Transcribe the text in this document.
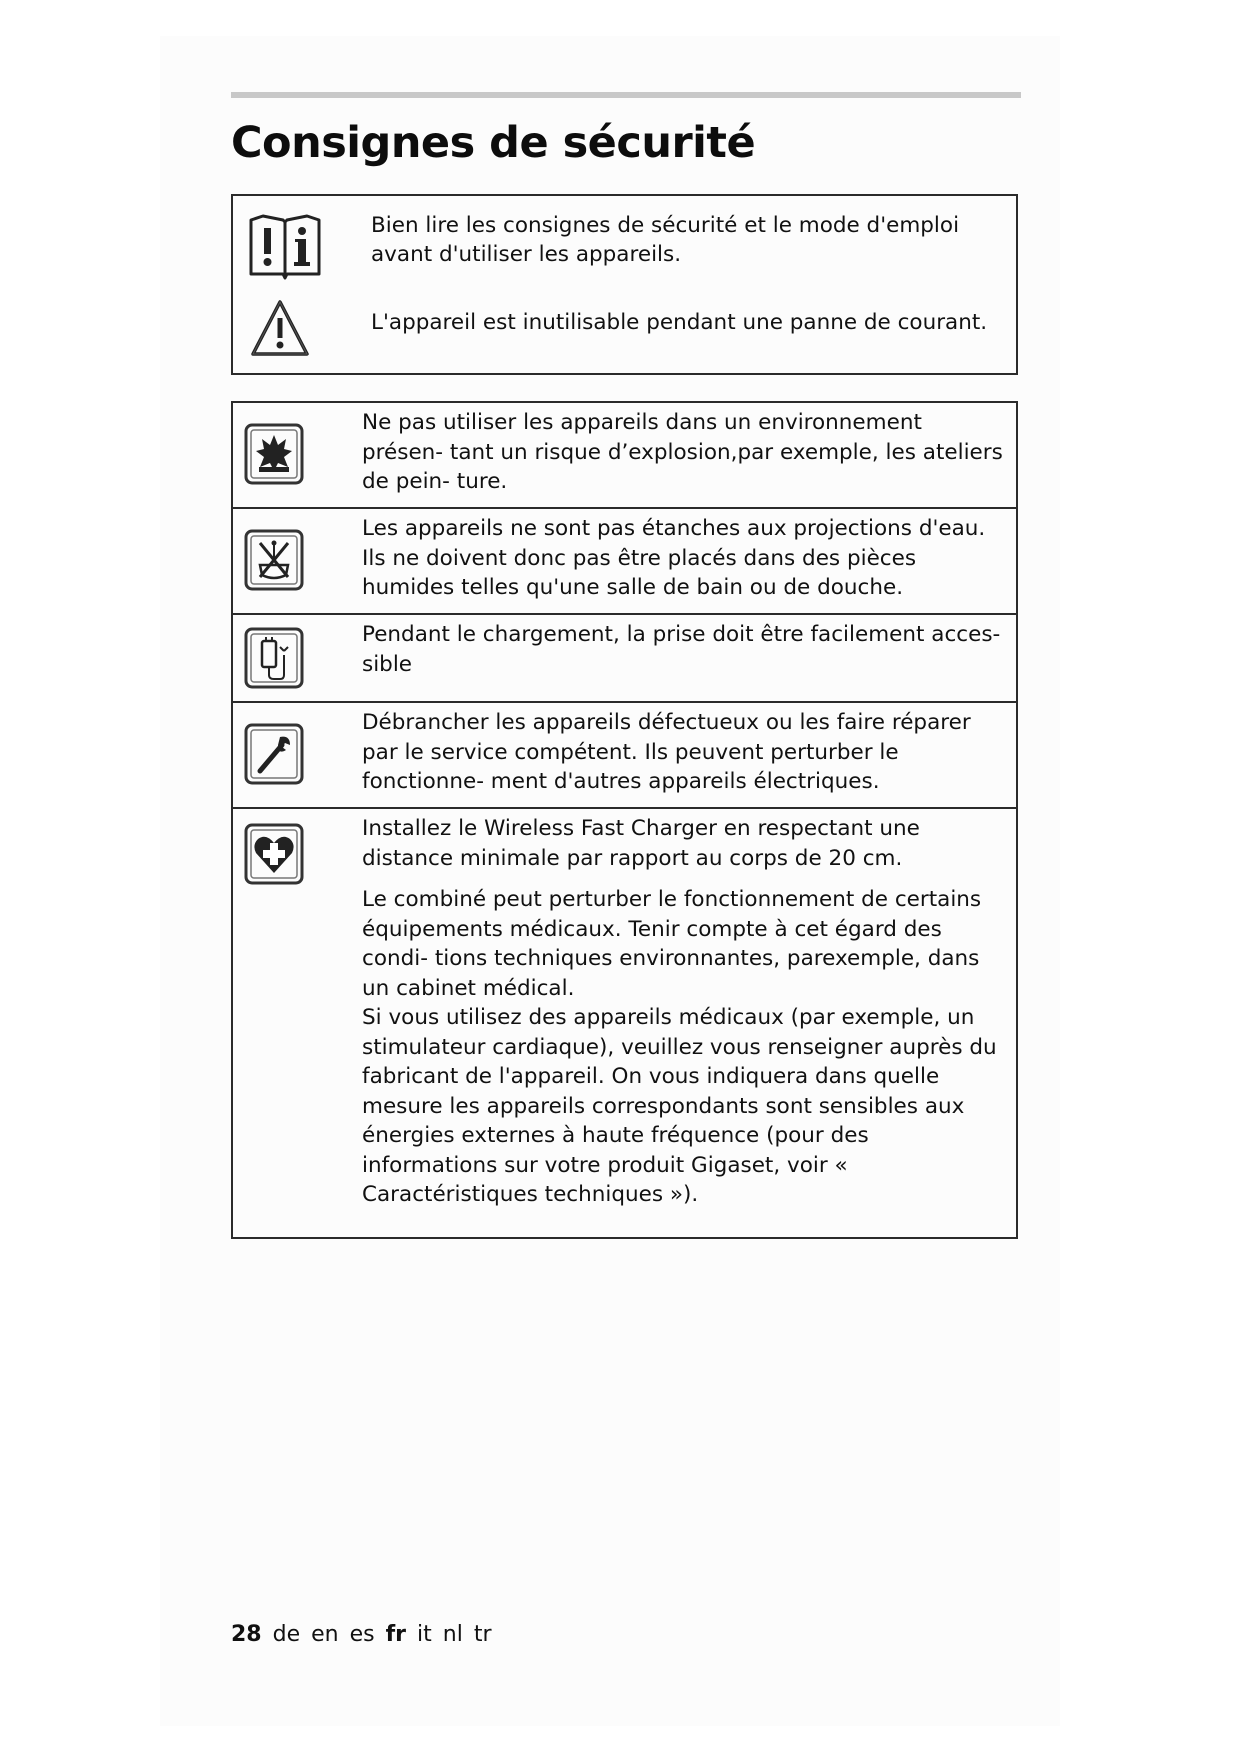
Consignes de sécurité

Bien lire les consignes de sécurité et le mode d'emploi avant d'utiliser les appareils.

L'appareil est inutilisable pendant une panne de courant.

Ne pas utiliser les appareils dans un environnement présen- tant un risque d’explosion,par exemple, les ateliers de pein- ture.

Les appareils ne sont pas étanches aux projections d'eau. Ils ne doivent donc pas être placés dans des pièces humides telles qu'une salle de bain ou de douche.

Pendant le chargement, la prise doit être facilement acces- sible

Débrancher les appareils défectueux ou les faire réparer par le service compétent. Ils peuvent perturber le fonctionne- ment d'autres appareils électriques.

Installez le Wireless Fast Charger en respectant une distance minimale par rapport au corps de 20 cm.

Le combiné peut perturber le fonctionnement de certains équipements médicaux. Tenir compte à cet égard des condi- tions techniques environnantes, parexemple, dans un cabinet médical.

Si vous utilisez des appareils médicaux (par exemple, un stimulateur cardiaque), veuillez vous renseigner auprès du fabricant de l'appareil. On vous indiquera dans quelle mesure les appareils correspondants sont sensibles aux énergies externes à haute fréquence (pour des informations sur votre produit Gigaset, voir « Caractéristiques techniques »).

28 de en es fr it nl tr
